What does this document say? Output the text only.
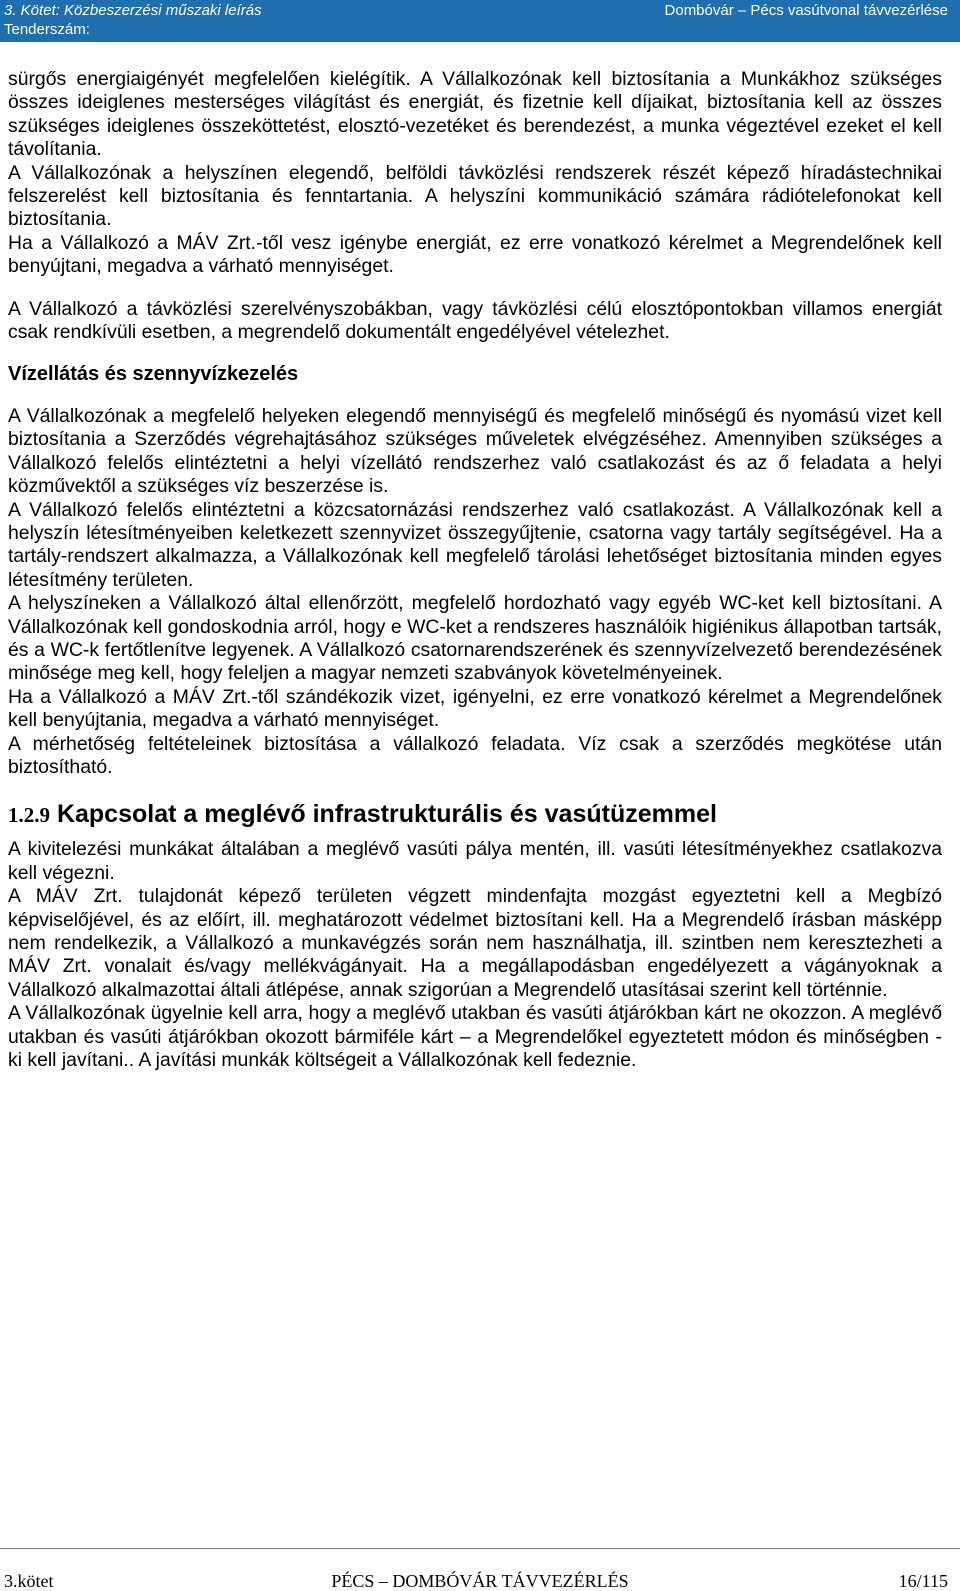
3. Kötet: Közbeszerzési műszaki leírás
Tenderszám:
Dombóvár – Pécs vasútvonal távvezérlése

sürgős energiaigényét megfelelően kielégítik. A Vállalkozónak kell biztosítania a Munkákhoz szükséges összes ideiglenes mesterséges világítást és energiát, és fizetnie kell díjaikat, biztosítania kell az összes szükséges ideiglenes összeköttetést, elosztó-vezetéket és berendezést, a munka végeztével ezeket el kell távolítania.

A Vállalkozónak a helyszínen elegendő, belföldi távközlési rendszerek részét képező híradástechnikai felszerelést kell biztosítania és fenntartania. A helyszíni kommunikáció számára rádiótelefonokat kell biztosítania.

Ha a Vállalkozó a MÁV Zrt.-től vesz igénybe energiát, ez erre vonatkozó kérelmet a Megrendelőnek kell benyújtani, megadva a várható mennyiséget.

A Vállalkozó a távközlési szerelvényszobákban, vagy távközlési célú elosztópontokban villamos energiát csak rendkívüli esetben, a megrendelő dokumentált engedélyével vételezhet.

Vízellátás és szennyvízkezelés

A Vállalkozónak a megfelelő helyeken elegendő mennyiségű és megfelelő minőségű és nyomású vizet kell biztosítania a Szerződés végrehajtásához szükséges műveletek elvégzéséhez. Amennyiben szükséges a Vállalkozó felelős elintéztetni a helyi vízellátó rendszerhez való csatlakozást és az ő feladata a helyi közművektől a szükséges víz beszerzése is.

A Vállalkozó felelős elintéztetni a közcsatornázási rendszerhez való csatlakozást. A Vállalkozónak kell a helyszín létesítményeiben keletkezett szennyvizet összegyűjtenie, csatorna vagy tartály segítségével. Ha a tartály-rendszert alkalmazza, a Vállalkozónak kell megfelelő tárolási lehetőséget biztosítania minden egyes létesítmény területen.

A helyszíneken a Vállalkozó által ellenőrzött, megfelelő hordozható vagy egyéb WC-ket kell biztosítani. A Vállalkozónak kell gondoskodnia arról, hogy e WC-ket a rendszeres használóik higiénikus állapotban tartsák, és a WC-k fertőtlenítve legyenek. A Vállalkozó csatornarendszerének és szennyvízelvezető berendezésének minősége meg kell, hogy feleljen a magyar nemzeti szabványok követelményeinek.

Ha a Vállalkozó a MÁV Zrt.-től szándékozik vizet, igényelni, ez erre vonatkozó kérelmet a Megrendelőnek kell benyújtania, megadva a várható mennyiséget.

A mérhetőség feltételeinek biztosítása a vállalkozó feladata. Víz csak a szerződés megkötése után biztosítható.

1.2.9 Kapcsolat a meglévő infrastrukturális és vasútüzemmel

A kivitelezési munkákat általában a meglévő vasúti pálya mentén, ill. vasúti létesítményekhez csatlakozva kell végezni.

A MÁV Zrt. tulajdonát képező területen végzett mindenfajta mozgást egyeztetni kell a Megbízó képviselőjével, és az előírt, ill. meghatározott védelmet biztosítani kell. Ha a Megrendelő írásban másképp nem rendelkezik, a Vállalkozó a munkavégzés során nem használhatja, ill. szintben nem keresztezheti a MÁV Zrt. vonalait és/vagy mellékvágányait. Ha a megállapodásban engedélyezett a vágányoknak a Vállalkozó alkalmazottai általi átlépése, annak szigorúan a Megrendelő utasításai szerint kell történnie.

A Vállalkozónak ügyelnie kell arra, hogy a meglévő utakban és vasúti átjárókban kárt ne okozzon. A meglévő utakban és vasúti átjárókban okozott bármiféle kárt – a Megrendelőkel egyeztetett módon és minőségben - ki kell javítani.. A javítási munkák költségeit a Vállalkozónak kell fedeznie.

3.kötet	PÉCS – DOMBÓVÁR TÁVVEZÉRLÉS	16/115
